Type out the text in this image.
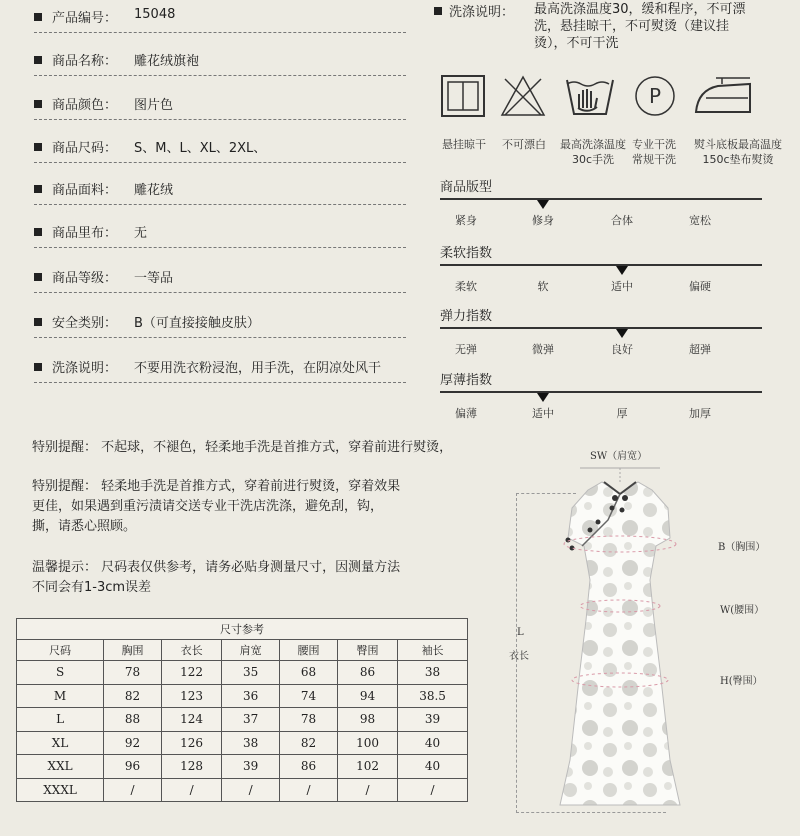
产品编号： 15048
商品名称： 雕花绒旗袍
商品颜色： 图片色
商品尺码： S、M、L、XL、2XL、
商品面料： 雕花绒
商品里布： 无
商品等级： 一等品
安全类别： B（可直接接触皮肤）
洗涤说明： 不要用洗衣粉浸泡，用手洗，在阴凉处风干
洗涤说明： 最高洗涤温度30，缓和程序，不可漂洗，悬挂晾干，不可熨烫（建议挂烫），不可干洗
P
悬挂晾干	不可漂白	最高洗涤温度
30c手洗
专业干洗
常规干洗
熨斗底板最高温度
150c垫布熨烫
商品版型
紧身	修身	合体	宽松
柔软指数
柔软	软	适中	偏硬
弹力指数
无弹	微弹	良好	超弹
厚薄指数
偏薄	适中	厚	加厚
特别提醒： 不起球，不褪色，轻柔地手洗是首推方式，穿着前进行熨烫，
特别提醒： 轻柔地手洗是首推方式，穿着前进行熨烫，穿着效果更佳，如果遇到重污渍请交送专业干洗店洗涤，避免刮，钩，撕，请悉心照顾。
温馨提示： 尺码表仅供参考，请务必贴身测量尺寸，因测量方法不同会有1-3cm误差
尺寸参考						
尺码	胸围	衣长	肩宽	腰围	臀围	袖长
S	78	122	35	68	86	38
M	82	123	36	74	94	38.5
L	88	124	37	78	98	39
XL	92	126	38	82	100	40
XXL	96	128	39	86	102	40
XXXL	/	/	/	/	/	/
SW（肩宽）
B（胸围）
W(腰围）
H(臀围）
L
衣长
